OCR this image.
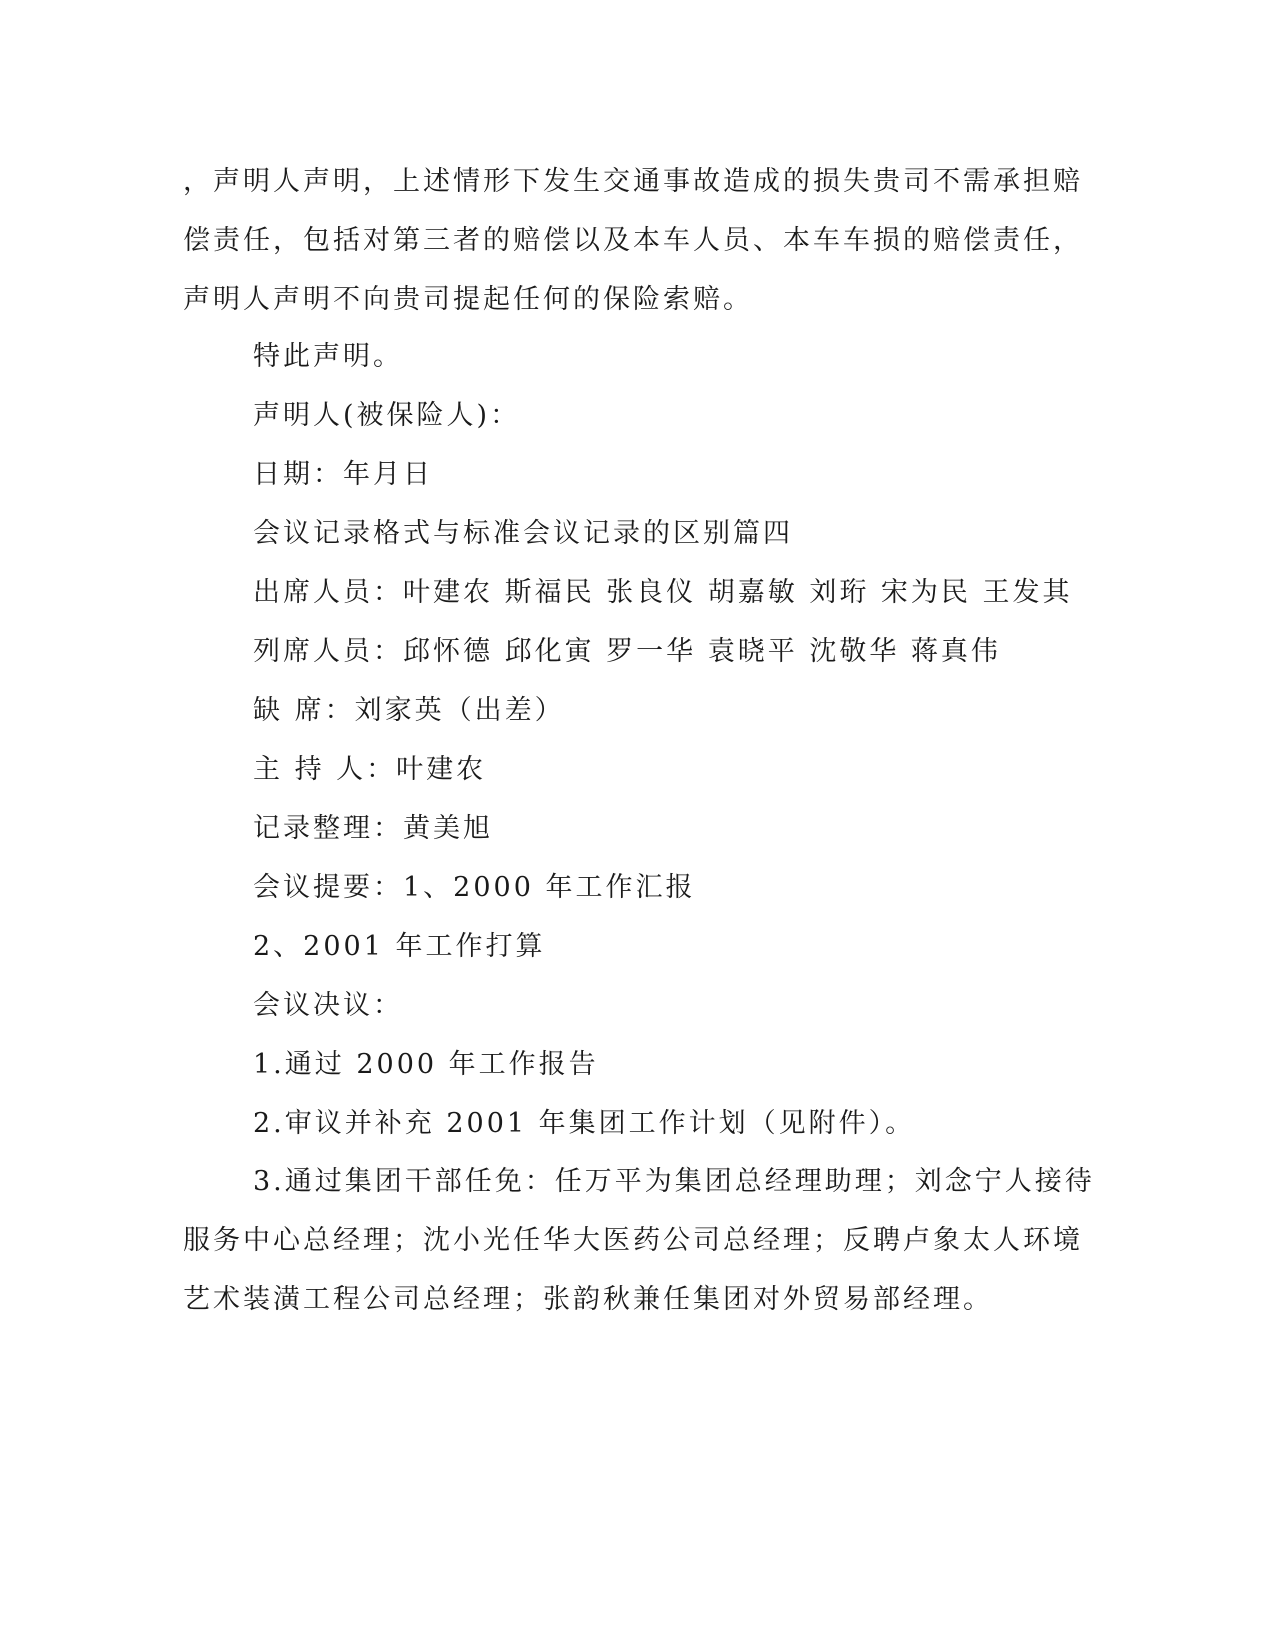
，声明人声明，上述情形下发生交通事故造成的损失贵司不需承担赔
偿责任，包括对第三者的赔偿以及本车人员、本车车损的赔偿责任，
声明人声明不向贵司提起任何的保险索赔。
特此声明。
声明人(被保险人)：
日期：年月日
会议记录格式与标准会议记录的区别篇四
出席人员：叶建农 斯福民 张良仪 胡嘉敏 刘珩 宋为民 王发其
列席人员：邱怀德 邱化寅 罗一华 袁晓平 沈敬华 蒋真伟
缺 席：刘家英（出差）
主 持 人：叶建农
记录整理：黄美旭
会议提要：1、2000 年工作汇报
2、2001 年工作打算
会议决议：
1.通过 2000 年工作报告
2.审议并补充 2001 年集团工作计划（见附件）。
3.通过集团干部任免：任万平为集团总经理助理；刘念宁人接待
服务中心总经理；沈小光任华大医药公司总经理；反聘卢象太人环境
艺术装潢工程公司总经理；张韵秋兼任集团对外贸易部经理。
